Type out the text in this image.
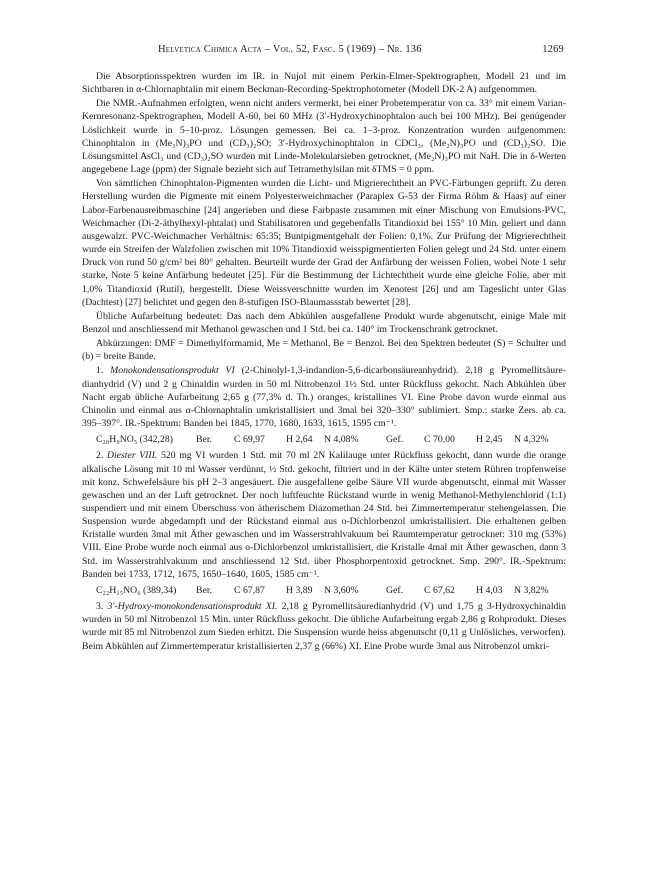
Helvetica Chimica Acta – Vol. 52, Fasc. 5 (1969) – Nr. 136	1269

Die Absorptionsspektren wurden im IR. in Nujol mit einem Perkin-Elmer-Spektrographen, Modell 21 und im Sichtbaren in α-Chlornaphtalin mit einem Beckman-Recording-Spektrophotometer (Modell DK-2 A) aufgenommen.

Die NMR.-Aufnahmen erfolgten, wenn nicht anders vermerkt, bei einer Probetemperatur von ca. 33° mit einem Varian-Kernresonanz-Spektrographen, Modell A-60, bei 60 MHz (3′-Hydroxychinophtalon auch bei 100 MHz). Bei genügender Löslichkeit wurde in 5–10-proz. Lösungen gemessen. Bei ca. 1–3-proz. Konzentration wurden aufgenommen: Chinophtalon in (Me₃N)₃PO und (CD₃)₂SO; 3′-Hydroxychinophtalon in CDCl₃, (Me₂N)₃PO und (CD₃)₂SO. Die Lösungsmittel AsCl₃ und (CD₃)₂SO wurden mit Linde-Molekularsieben getrocknet, (Me₂N)₃PO mit NaH. Die in δ-Werten angegebene Lage (ppm) der Signale bezieht sich auf Tetramethylsilan mit δTMS = 0 ppm.

Von sämtlichen Chinophtalon-Pigmenten wurden die Licht- und Migrierechtheit an PVC-Färbungen geprüft. Zu deren Herstellung wurden die Pigmente mit einem Polyesterweichmacher (Paraplex G-53 der Firma Röhm & Haas) auf einer Labor-Farbenausreibmaschine [24] angerieben und diese Farbpaste zusammen mit einer Mischung von Emulsions-PVC, Weichmacher (Di-2-äthylhexyl-phtalat) und Stabilisatoren und gegebenfalls Titandioxid bei 155° 10 Min. geliert und dann ausgewalzt. PVC-Weichmacher Verhältnis: 65:35; Buntpigmentgehalt der Folien: 0,1%. Zur Prüfung der Migrierechtheit wurde ein Streifen der Walzfolien zwischen mit 10% Titandioxid weisspigmentierten Folien gelegt und 24 Std. unter einem Druck von rund 50 g/cm² bei 80° gehalten. Beurteilt wurde der Grad der Anfärbung der weissen Folien, wobei Note 1 sehr starke, Note 5 keine Anfärbung bedeutet [25]. Für die Bestimmung der Lichtechtheit wurde eine gleiche Folie, aber mit 1,0% Titandioxid (Rutil), hergestellt. Diese Weissverschnitte wurden im Xenotest [26] und am Tageslicht unter Glas (Dachtest) [27] belichtet und gegen den 8-stufigen ISO-Blaumassstab bewertet [28].

Übliche Aufarbeitung bedeutet: Das nach dem Abkühlen ausgefallene Produkt wurde abgenutscht, einige Male mit Benzol und anschliessend mit Methanol gewaschen und 1 Std. bei ca. 140° im Trockenschrank getrocknet.

Abkürzungen: DMF = Dimethylformamid, Me = Methanol, Be = Benzol. Bei den Spektren bedeutet (S) = Schulter und (b) = breite Bande.

1. Monokondensationsprodukt VI (2-Chinolyl-1,3-indandion-5,6-dicarbonsäureanhydrid). 2,18 g Pyromellitsäure-dianhydrid (V) und 2 g Chinaldin wurden in 50 ml Nitrobenzol 1½ Std. unter Rückfluss gekocht. Nach Abkühlen über Nacht ergab übliche Aufarbeitung 2,65 g (77,3% d. Th.) oranges, kristallines VI. Eine Probe davon wurde einmal aus Chinolin und einmal aus α-Chlornaphtalin umkristallisiert und 3mal bei 320–330° sublimiert. Smp.: starke Zers. ab ca. 395–397°. IR.-Spektrum: Banden bei 1845, 1770, 1680, 1633, 1615, 1595 cm⁻¹.

C₂₀H₉NO₅ (342,28)	Ber.	C 69,97	H 2,64	N 4,08%	Gef.	C 70,00	H 2,45	N 4,32%

2. Diester VIII. 520 mg VI wurden 1 Std. mit 70 ml 2N Kalilauge unter Rückfluss gekocht, dann wurde die orange alkalische Lösung mit 10 ml Wasser verdünnt, ½ Std. gekocht, filtriert und in der Kälte unter stetem Rühren tropfenweise mit konz. Schwefelsäure bis pH 2–3 angesäuert. Die ausgefallene gelbe Säure VII wurde abgenutscht, einmal mit Wasser gewaschen und an der Luft getrocknet. Der noch luftfeuchte Rückstand wurde in wenig Methanol-Methylenchlorid (1:1) suspendiert und mit einem Überschuss von ätherischem Diazomethan 24 Std. bei Zimmertemperatur stehengelassen. Die Suspension wurde abgedampft und der Rückstand einmal aus o-Dichlorbenzol umkristallisiert. Die erhaltenen gelben Kristalle wurden 3mal mit Äther gewaschen und im Wasserstrahlvakuum bei Raumtemperatur getrocknet: 310 mg (53%) VIII. Eine Probe wurde noch einmal aus o-Dichlorbenzol umkristallisiert, die Kristalle 4mal mit Äther gewaschen, dann 3 Std. im Wasserstrahlvakuum und anschliessend 12 Std. über Phosphorpentoxid getrocknet. Smp. 290°. IR.-Spektrum: Banden bei 1733, 1712, 1675, 1650–1640, 1605, 1585 cm⁻¹.

C₂₂H₁₅NO₆ (389,34)	Ber.	C 67,87	H 3,89	N 3,60%	Gef.	C 67,62	H 4,03	N 3,82%

3. 3′-Hydroxy-monokondensationsprodukt XI. 2,18 g Pyromellitsäuredianhydrid (V) und 1,75 g 3-Hydroxychinaldin wurden in 50 ml Nitrobenzol 15 Min. unter Rückfluss gekocht. Die übliche Aufarbeitung ergab 2,86 g Rohprodukt. Dieses wurde mit 85 ml Nitrobenzol zum Sieden erhitzt. Die Suspension wurde heiss abgenutscht (0,11 g Unlösliches, verworfen). Beim Abkühlen auf Zimmertemperatur kristallisierten 2,37 g (66%) XI. Eine Probe wurde 3mal aus Nitrobenzol umkri-
